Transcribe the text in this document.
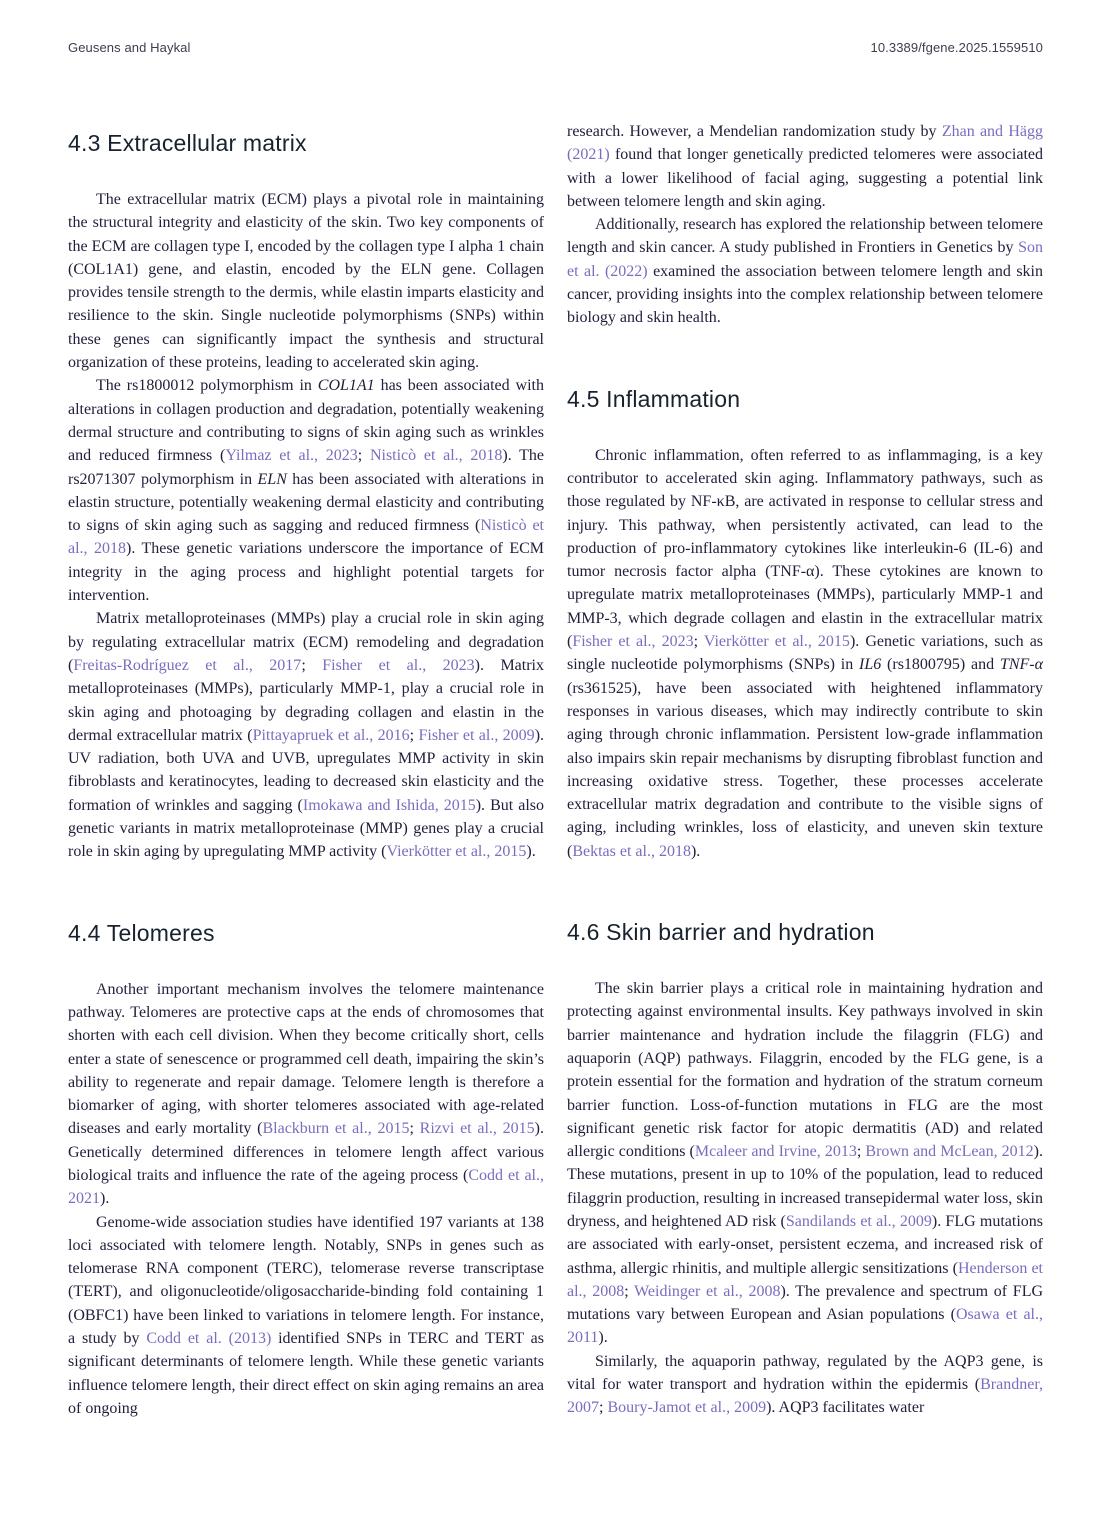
Geusens and Haykal	10.3389/fgene.2025.1559510
4.3 Extracellular matrix

The extracellular matrix (ECM) plays a pivotal role in maintaining the structural integrity and elasticity of the skin. Two key components of the ECM are collagen type I, encoded by the collagen type I alpha 1 chain (COL1A1) gene, and elastin, encoded by the ELN gene. Collagen provides tensile strength to the dermis, while elastin imparts elasticity and resilience to the skin. Single nucleotide polymorphisms (SNPs) within these genes can significantly impact the synthesis and structural organization of these proteins, leading to accelerated skin aging.

The rs1800012 polymorphism in COL1A1 has been associated with alterations in collagen production and degradation, potentially weakening dermal structure and contributing to signs of skin aging such as wrinkles and reduced firmness (Yilmaz et al., 2023; Nisticò et al., 2018). The rs2071307 polymorphism in ELN has been associated with alterations in elastin structure, potentially weakening dermal elasticity and contributing to signs of skin aging such as sagging and reduced firmness (Nisticò et al., 2018). These genetic variations underscore the importance of ECM integrity in the aging process and highlight potential targets for intervention.

Matrix metalloproteinases (MMPs) play a crucial role in skin aging by regulating extracellular matrix (ECM) remodeling and degradation (Freitas-Rodríguez et al., 2017; Fisher et al., 2023). Matrix metalloproteinases (MMPs), particularly MMP-1, play a crucial role in skin aging and photoaging by degrading collagen and elastin in the dermal extracellular matrix (Pittayapruek et al., 2016; Fisher et al., 2009). UV radiation, both UVA and UVB, upregulates MMP activity in skin fibroblasts and keratinocytes, leading to decreased skin elasticity and the formation of wrinkles and sagging (Imokawa and Ishida, 2015). But also genetic variants in matrix metalloproteinase (MMP) genes play a crucial role in skin aging by upregulating MMP activity (Vierkötter et al., 2015).

4.4 Telomeres

Another important mechanism involves the telomere maintenance pathway. Telomeres are protective caps at the ends of chromosomes that shorten with each cell division. When they become critically short, cells enter a state of senescence or programmed cell death, impairing the skin’s ability to regenerate and repair damage. Telomere length is therefore a biomarker of aging, with shorter telomeres associated with age-related diseases and early mortality (Blackburn et al., 2015; Rizvi et al., 2015). Genetically determined differences in telomere length affect various biological traits and influence the rate of the ageing process (Codd et al., 2021).

Genome-wide association studies have identified 197 variants at 138 loci associated with telomere length. Notably, SNPs in genes such as telomerase RNA component (TERC), telomerase reverse transcriptase (TERT), and oligonucleotide/oligosaccharide-binding fold containing 1 (OBFC1) have been linked to variations in telomere length. For instance, a study by Codd et al. (2013) identified SNPs in TERC and TERT as significant determinants of telomere length. While these genetic variants influence telomere length, their direct effect on skin aging remains an area of ongoing

research. However, a Mendelian randomization study by Zhan and Hägg (2021) found that longer genetically predicted telomeres were associated with a lower likelihood of facial aging, suggesting a potential link between telomere length and skin aging.

Additionally, research has explored the relationship between telomere length and skin cancer. A study published in Frontiers in Genetics by Son et al. (2022) examined the association between telomere length and skin cancer, providing insights into the complex relationship between telomere biology and skin health.

4.5 Inflammation

Chronic inflammation, often referred to as inflammaging, is a key contributor to accelerated skin aging. Inflammatory pathways, such as those regulated by NF-κB, are activated in response to cellular stress and injury. This pathway, when persistently activated, can lead to the production of pro-inflammatory cytokines like interleukin-6 (IL-6) and tumor necrosis factor alpha (TNF-α). These cytokines are known to upregulate matrix metalloproteinases (MMPs), particularly MMP-1 and MMP-3, which degrade collagen and elastin in the extracellular matrix (Fisher et al., 2023; Vierkötter et al., 2015). Genetic variations, such as single nucleotide polymorphisms (SNPs) in IL6 (rs1800795) and TNF-α (rs361525), have been associated with heightened inflammatory responses in various diseases, which may indirectly contribute to skin aging through chronic inflammation. Persistent low-grade inflammation also impairs skin repair mechanisms by disrupting fibroblast function and increasing oxidative stress. Together, these processes accelerate extracellular matrix degradation and contribute to the visible signs of aging, including wrinkles, loss of elasticity, and uneven skin texture (Bektas et al., 2018).

4.6 Skin barrier and hydration

The skin barrier plays a critical role in maintaining hydration and protecting against environmental insults. Key pathways involved in skin barrier maintenance and hydration include the filaggrin (FLG) and aquaporin (AQP) pathways. Filaggrin, encoded by the FLG gene, is a protein essential for the formation and hydration of the stratum corneum barrier function. Loss-of-function mutations in FLG are the most significant genetic risk factor for atopic dermatitis (AD) and related allergic conditions (Mcaleer and Irvine, 2013; Brown and McLean, 2012). These mutations, present in up to 10% of the population, lead to reduced filaggrin production, resulting in increased transepidermal water loss, skin dryness, and heightened AD risk (Sandilands et al., 2009). FLG mutations are associated with early-onset, persistent eczema, and increased risk of asthma, allergic rhinitis, and multiple allergic sensitizations (Henderson et al., 2008; Weidinger et al., 2008). The prevalence and spectrum of FLG mutations vary between European and Asian populations (Osawa et al., 2011).

Similarly, the aquaporin pathway, regulated by the AQP3 gene, is vital for water transport and hydration within the epidermis (Brandner, 2007; Boury-Jamot et al., 2009). AQP3 facilitates water
